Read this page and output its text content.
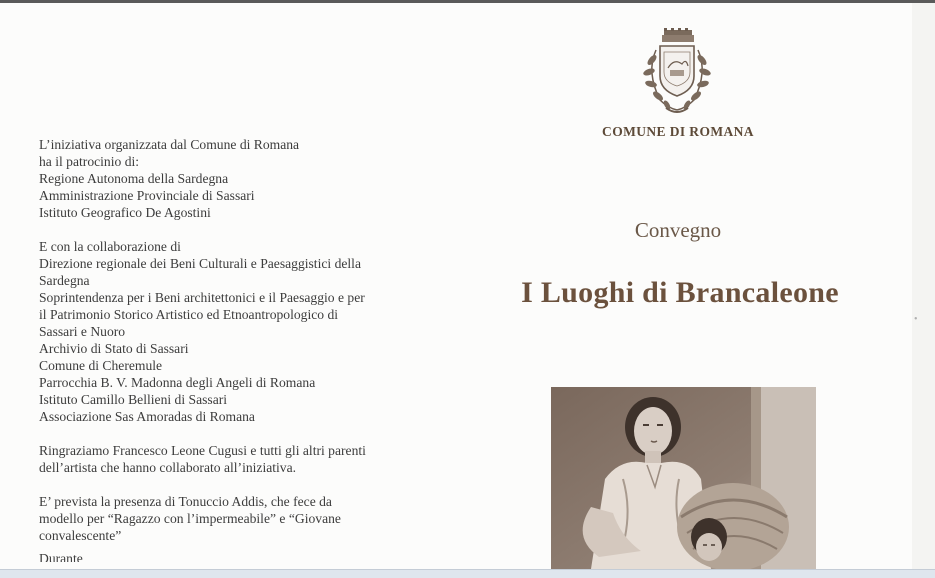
L’iniziativa organizzata dal Comune di Romana

ha il patrocinio di:

Regione Autonoma della Sardegna

Amministrazione Provinciale di Sassari

Istituto Geografico De Agostini

E con la collaborazione di

Direzione regionale dei Beni Culturali e Paesaggistici della

Sardegna

Soprintendenza per i Beni architettonici e il Paesaggio e per

il Patrimonio Storico Artistico ed Etnoantropologico di

Sassari e Nuoro

Archivio di Stato di Sassari

Comune di Cheremule

Parrocchia B. V. Madonna degli Angeli di Romana

Istituto Camillo Bellieni di Sassari

Associazione Sas Amoradas di Romana

Ringraziamo Francesco Leone Cugusi e tutti gli altri parenti

dell’artista che hanno collaborato all’iniziativa.

E’ prevista la presenza di Tonuccio Addis, che fece da

modello per “Ragazzo con l’impermeabile” e “Giovane

convalescente”

Durante

COMUNE DI ROMANA
Convegno
I Luoghi di Brancaleone
•
